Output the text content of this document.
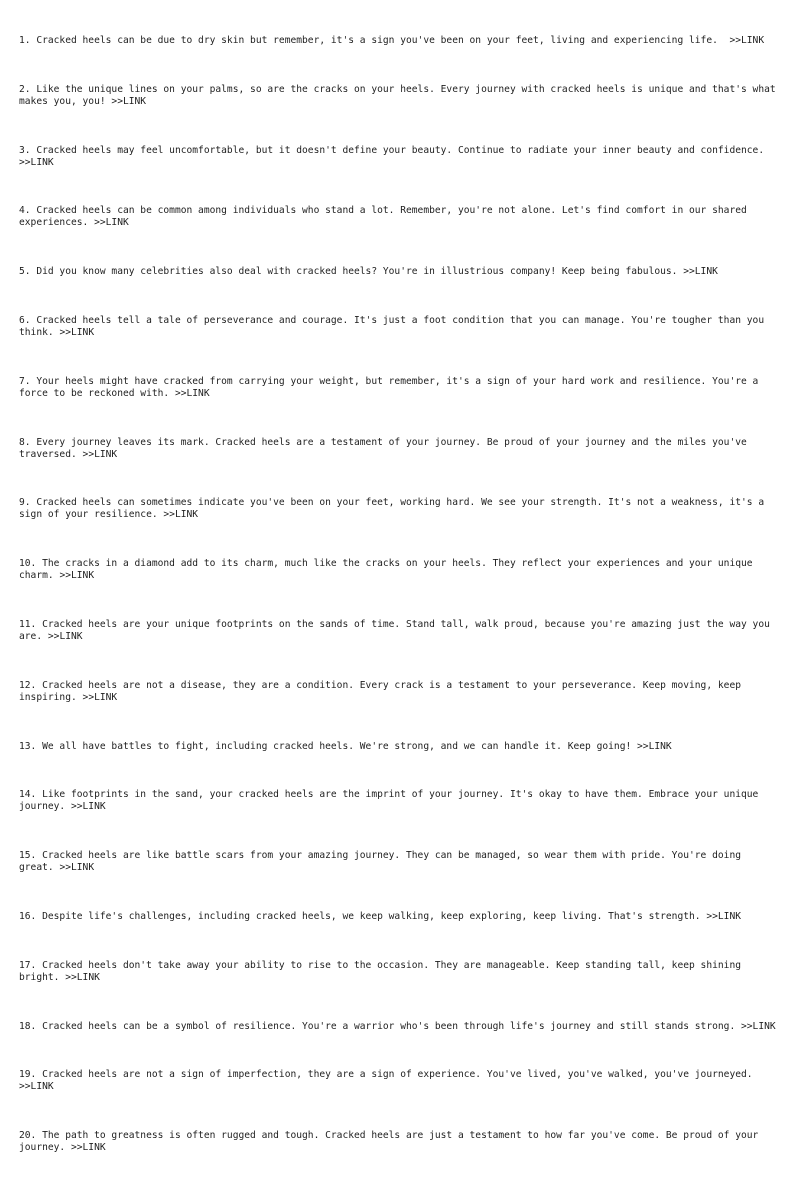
1. Cracked heels can be due to dry skin but remember, it's a sign you've been on your feet, living and experiencing life.  >>LINK

2. Like the unique lines on your palms, so are the cracks on your heels. Every journey with cracked heels is unique and that's what makes you, you! >>LINK

3. Cracked heels may feel uncomfortable, but it doesn't define your beauty. Continue to radiate your inner beauty and confidence. >>LINK

4. Cracked heels can be common among individuals who stand a lot. Remember, you're not alone. Let's find comfort in our shared experiences. >>LINK

5. Did you know many celebrities also deal with cracked heels? You're in illustrious company! Keep being fabulous. >>LINK

6. Cracked heels tell a tale of perseverance and courage. It's just a foot condition that you can manage. You're tougher than you think. >>LINK

7. Your heels might have cracked from carrying your weight, but remember, it's a sign of your hard work and resilience. You're a force to be reckoned with. >>LINK

8. Every journey leaves its mark. Cracked heels are a testament of your journey. Be proud of your journey and the miles you've traversed. >>LINK

9. Cracked heels can sometimes indicate you've been on your feet, working hard. We see your strength. It's not a weakness, it's a sign of your resilience. >>LINK

10. The cracks in a diamond add to its charm, much like the cracks on your heels. They reflect your experiences and your unique charm. >>LINK

11. Cracked heels are your unique footprints on the sands of time. Stand tall, walk proud, because you're amazing just the way you are. >>LINK

12. Cracked heels are not a disease, they are a condition. Every crack is a testament to your perseverance. Keep moving, keep inspiring. >>LINK

13. We all have battles to fight, including cracked heels. We're strong, and we can handle it. Keep going! >>LINK

14. Like footprints in the sand, your cracked heels are the imprint of your journey. It's okay to have them. Embrace your unique journey. >>LINK

15. Cracked heels are like battle scars from your amazing journey. They can be managed, so wear them with pride. You're doing great. >>LINK

16. Despite life's challenges, including cracked heels, we keep walking, keep exploring, keep living. That's strength. >>LINK

17. Cracked heels don't take away your ability to rise to the occasion. They are manageable. Keep standing tall, keep shining bright. >>LINK

18. Cracked heels can be a symbol of resilience. You're a warrior who's been through life's journey and still stands strong. >>LINK

19. Cracked heels are not a sign of imperfection, they are a sign of experience. You've lived, you've walked, you've journeyed. >>LINK

20. The path to greatness is often rugged and tough. Cracked heels are just a testament to how far you've come. Be proud of your journey. >>LINK
